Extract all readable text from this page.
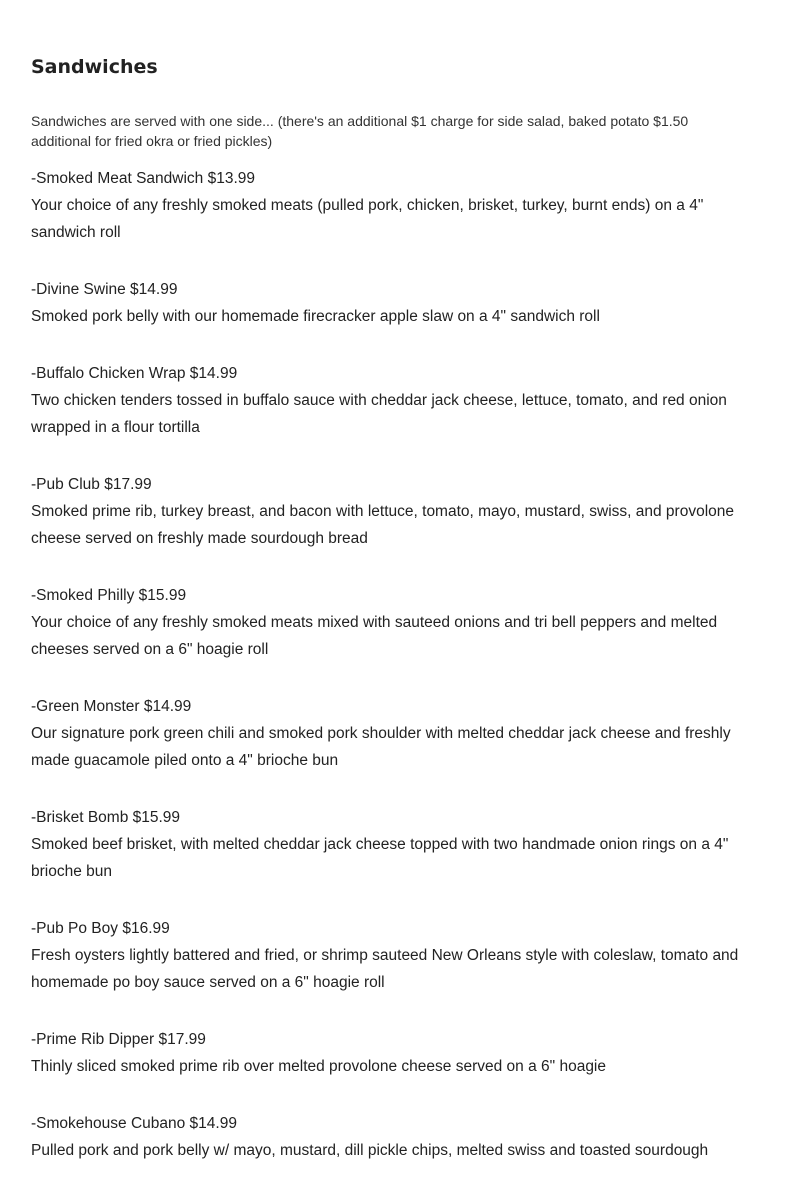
Sandwiches

Sandwiches are served with one side... (there's an additional $1 charge for side salad, baked potato $1.50 additional for fried okra or fried pickles)

-Smoked Meat Sandwich $13.99
Your choice of any freshly smoked meats (pulled pork, chicken, brisket, turkey, burnt ends) on a 4" sandwich roll
-Divine Swine $14.99
Smoked pork belly with our homemade firecracker apple slaw on a 4" sandwich roll
-Buffalo Chicken Wrap $14.99
Two chicken tenders tossed in buffalo sauce with cheddar jack cheese, lettuce, tomato, and red onion wrapped in a flour tortilla
-Pub Club $17.99
Smoked prime rib, turkey breast, and bacon with lettuce, tomato, mayo, mustard, swiss, and provolone cheese served on freshly made sourdough bread
-Smoked Philly $15.99
Your choice of any freshly smoked meats mixed with sauteed onions and tri bell peppers and melted cheeses served on a 6" hoagie roll
-Green Monster $14.99
Our signature pork green chili and smoked pork shoulder with melted cheddar jack cheese and freshly made guacamole piled onto a 4" brioche bun
-Brisket Bomb $15.99
Smoked beef brisket, with melted cheddar jack cheese topped with two handmade onion rings on a 4" brioche bun
-Pub Po Boy $16.99
Fresh oysters lightly battered and fried, or shrimp sauteed New Orleans style with coleslaw, tomato and homemade po boy sauce served on a 6" hoagie roll
-Prime Rib Dipper $17.99
Thinly sliced smoked prime rib over melted provolone cheese served on a 6" hoagie
-Smokehouse Cubano $14.99
Pulled pork and pork belly w/ mayo, mustard, dill pickle chips, melted swiss and toasted sourdough
